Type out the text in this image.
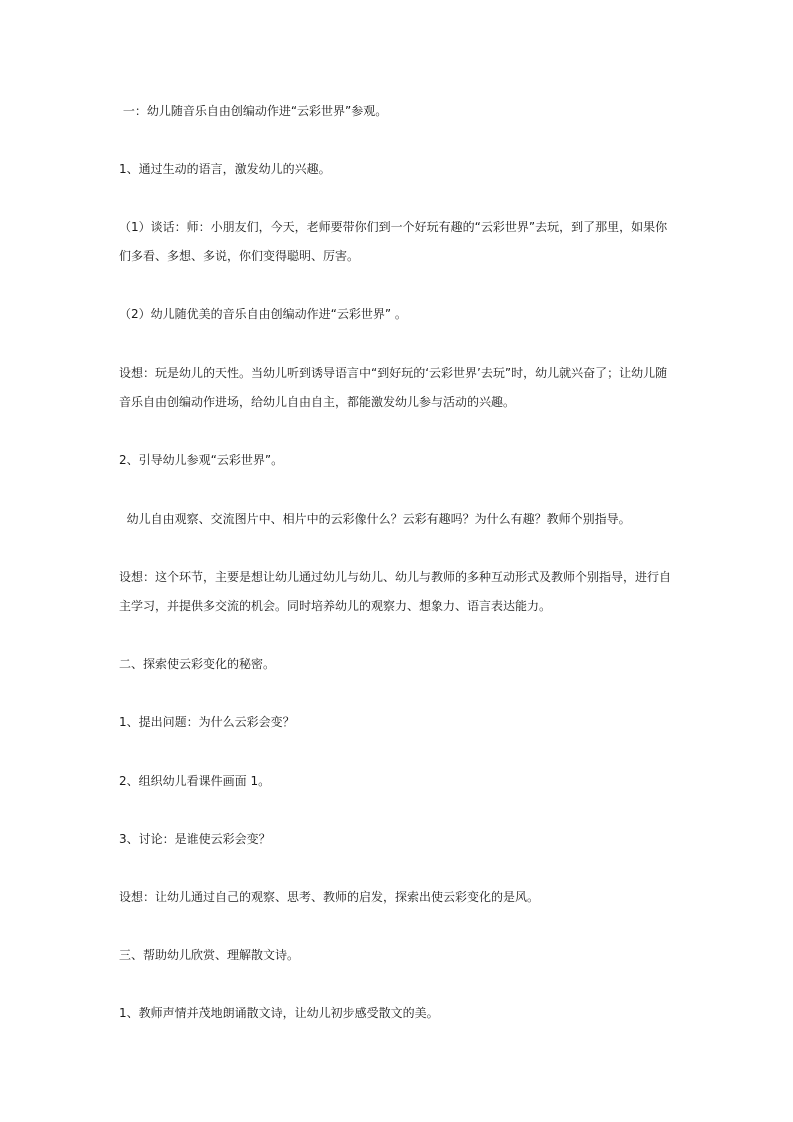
一：幼儿随音乐自由创编动作进“云彩世界”参观。

1、通过生动的语言，激发幼儿的兴趣。

（1）谈话：师：小朋友们，今天，老师要带你们到一个好玩有趣的“云彩世界”去玩，到了那里，如果你们多看、多想、多说，你们变得聪明、厉害。

（2）幼儿随优美的音乐自由创编动作进“云彩世界” 。

设想：玩是幼儿的天性。当幼儿听到诱导语言中“到好玩的‘云彩世界’去玩”时，幼儿就兴奋了；让幼儿随音乐自由创编动作进场，给幼儿自由自主，都能激发幼儿参与活动的兴趣。

2、引导幼儿参观“云彩世界”。

幼儿自由观察、交流图片中、相片中的云彩像什么？云彩有趣吗？为什么有趣？教师个别指导。

设想：这个环节，主要是想让幼儿通过幼儿与幼儿、幼儿与教师的多种互动形式及教师个别指导，进行自主学习，并提供多交流的机会。同时培养幼儿的观察力、想象力、语言表达能力。

二、探索使云彩变化的秘密。

1、提出问题：为什么云彩会变？

2、组织幼儿看课件画面 1。

3、讨论：是谁使云彩会变？

设想：让幼儿通过自己的观察、思考、教师的启发，探索出使云彩变化的是风。

三、帮助幼儿欣赏、理解散文诗。

1、教师声情并茂地朗诵散文诗，让幼儿初步感受散文的美。
